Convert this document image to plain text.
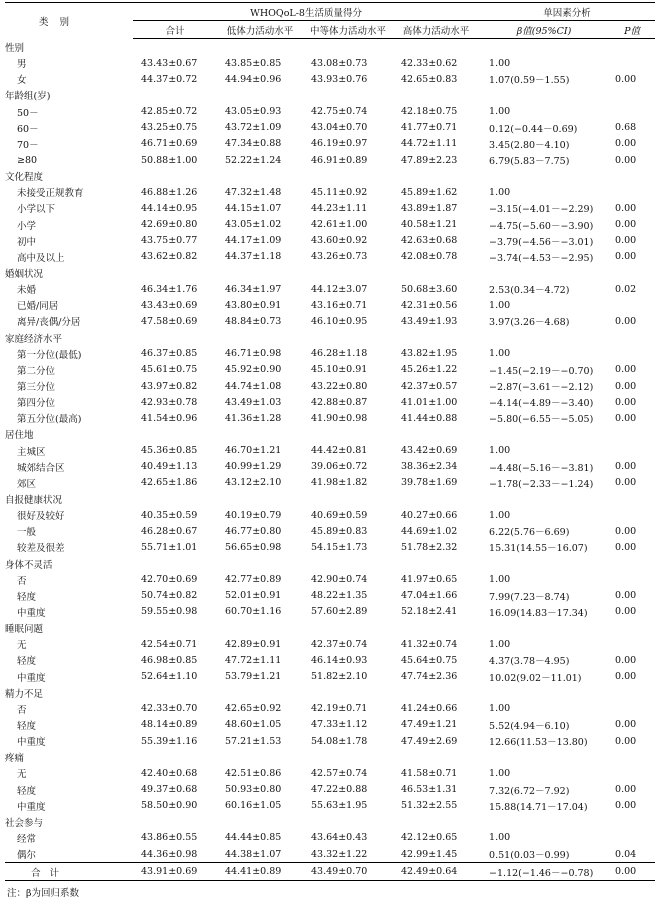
类 别	WHOQoL-8生活质量得分				单因素分析	
	合计	低体力活动水平	中等体力活动水平	高体力活动水平	β值(95%CI)	P值
性别						
男	43.43±0.67	43.85±0.85	43.08±0.73	42.33±0.62	1.00	
女	44.37±0.72	44.94±0.96	43.93±0.76	42.65±0.83	1.07(0.59－1.55)	0.00
年龄组(岁)						
50－	42.85±0.72	43.05±0.93	42.75±0.74	42.18±0.75	1.00	
60－	43.25±0.75	43.72±1.09	43.04±0.70	41.77±0.71	0.12(−0.44－0.69)	0.68
70－	46.71±0.69	47.34±0.88	46.19±0.97	44.72±1.11	3.45(2.80－4.10)	0.00
≥80	50.88±1.00	52.22±1.24	46.91±0.89	47.89±2.23	6.79(5.83－7.75)	0.00
文化程度						
未接受正规教育	46.88±1.26	47.32±1.48	45.11±0.92	45.89±1.62	1.00	
小学以下	44.14±0.95	44.15±1.07	44.23±1.11	43.89±1.87	−3.15(−4.01－−2.29)	0.00
小学	42.69±0.80	43.05±1.02	42.61±1.00	40.58±1.21	−4.75(−5.60－−3.90)	0.00
初中	43.75±0.77	44.17±1.09	43.60±0.92	42.63±0.68	−3.79(−4.56－−3.01)	0.00
高中及以上	43.62±0.82	44.37±1.18	43.26±0.73	42.08±0.78	−3.74(−4.53－−2.95)	0.00
婚姻状况						
未婚	46.34±1.76	46.34±1.97	44.12±3.07	50.68±3.60	2.53(0.34－4.72)	0.02
已婚/同居	43.43±0.69	43.80±0.91	43.16±0.71	42.31±0.56	1.00	
离异/丧偶/分居	47.58±0.69	48.84±0.73	46.10±0.95	43.49±1.93	3.97(3.26－4.68)	0.00
家庭经济水平						
第一分位(最低)	46.37±0.85	46.71±0.98	46.28±1.18	43.82±1.95	1.00	
第二分位	45.61±0.75	45.92±0.90	45.10±0.91	45.26±1.22	−1.45(−2.19－−0.70)	0.00
第三分位	43.97±0.82	44.74±1.08	43.22±0.80	42.37±0.57	−2.87(−3.61－−2.12)	0.00
第四分位	42.93±0.78	43.49±1.03	42.88±0.87	41.01±1.00	−4.14(−4.89－−3.40)	0.00
第五分位(最高)	41.54±0.96	41.36±1.28	41.90±0.98	41.44±0.88	−5.80(−6.55－−5.05)	0.00
居住地						
主城区	45.36±0.85	46.70±1.21	44.42±0.81	43.42±0.69	1.00	
城郊结合区	40.49±1.13	40.99±1.29	39.06±0.72	38.36±2.34	−4.48(−5.16－−3.81)	0.00
郊区	42.65±1.86	43.12±2.10	41.98±1.82	39.78±1.69	−1.78(−2.33－−1.24)	0.00
自报健康状况						
很好及较好	40.35±0.59	40.19±0.79	40.69±0.59	40.27±0.66	1.00	
一般	46.28±0.67	46.77±0.80	45.89±0.83	44.69±1.02	6.22(5.76－6.69)	0.00
较差及很差	55.71±1.01	56.65±0.98	54.15±1.73	51.78±2.32	15.31(14.55－16.07)	0.00
身体不灵活						
否	42.70±0.69	42.77±0.89	42.90±0.74	41.97±0.65	1.00	
轻度	50.74±0.82	52.01±0.91	48.22±1.35	47.04±1.66	7.99(7.23－8.74)	0.00
中重度	59.55±0.98	60.70±1.16	57.60±2.89	52.18±2.41	16.09(14.83－17.34)	0.00
睡眠问题						
无	42.54±0.71	42.89±0.91	42.37±0.74	41.32±0.74	1.00	
轻度	46.98±0.85	47.72±1.11	46.14±0.93	45.64±0.75	4.37(3.78－4.95)	0.00
中重度	52.64±1.10	53.79±1.21	51.82±2.10	47.74±2.36	10.02(9.02－11.01)	0.00
精力不足						
否	42.33±0.70	42.65±0.92	42.19±0.71	41.24±0.66	1.00	
轻度	48.14±0.89	48.60±1.05	47.33±1.12	47.49±1.21	5.52(4.94－6.10)	0.00
中重度	55.39±1.16	57.21±1.53	54.08±1.78	47.49±2.69	12.66(11.53－13.80)	0.00
疼痛						
无	42.40±0.68	42.51±0.86	42.57±0.74	41.58±0.71	1.00	
轻度	49.37±0.68	50.93±0.80	47.22±0.88	46.53±1.31	7.32(6.72－7.92)	0.00
中重度	58.50±0.90	60.16±1.05	55.63±1.95	51.32±2.55	15.88(14.71－17.04)	0.00
社会参与						
经常	43.86±0.55	44.44±0.85	43.64±0.43	42.12±0.65	1.00	
偶尔	44.36±0.98	44.38±1.07	43.32±1.22	42.99±1.45	0.51(0.03－0.99)	0.04
合 计	43.91±0.69	44.41±0.89	43.49±0.70	42.49±0.64	−1.12(−1.46－−0.78)	0.00
注：β为回归系数
